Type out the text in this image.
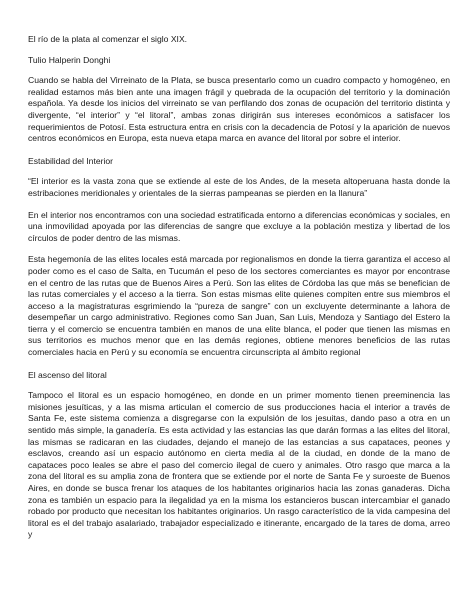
El río de la plata al comenzar el siglo XIX.
Tulio Halperin Donghi
Cuando se habla del Virreinato de la Plata, se busca presentarlo como un cuadro compacto y homogéneo, en realidad estamos más bien ante una imagen frágil y quebrada de la ocupación del territorio y la dominación española. Ya desde los inicios del virreinato se van perfilando dos zonas de ocupación del territorio distinta y divergente, “el interior” y “el litoral”, ambas zonas dirigirán sus intereses económicos a satisfacer los requerimientos de Potosí. Esta estructura entra en crisis con la decadencia de Potosí y la aparición de nuevos centros económicos en Europa, esta nueva etapa marca en avance del litoral por sobre el interior.
Estabilidad del Interior
“El interior es la vasta zona que se extiende al este de los Andes, de la meseta altoperuana hasta donde la estribaciones meridionales y orientales de la sierras pampeanas se pierden en la llanura”
En el interior nos encontramos con una sociedad estratificada entorno a diferencias económicas y sociales, en una inmovilidad apoyada por las diferencias de sangre que excluye a la población mestiza y libertad de los círculos de poder dentro de las mismas.
Esta hegemonía de las elites locales está marcada por regionalismos en donde la tierra garantiza el acceso al poder como es el caso de Salta, en Tucumán el peso de los sectores comerciantes es mayor por encontrase en el centro de las rutas que de Buenos Aires a Perú. Son las elites de Córdoba las que más se benefician de las rutas comerciales y el acceso a la tierra. Son estas mismas elite quienes compiten entre sus miembros el acceso a la magistraturas esgrimiendo la “pureza de sangre” con un excluyente determinante a lahora de desempeñar un cargo administrativo. Regiones como San Juan, San Luis, Mendoza y Santiago del Estero la tierra y el comercio se encuentra también en manos de una elite blanca, el poder que tienen las mismas en sus territorios es muchos menor que en las demás regiones, obtiene menores beneficios de las rutas comerciales hacia en Perú y su economía se encuentra circunscripta al ámbito regional
El ascenso del litoral
Tampoco el litoral es un espacio homogéneo, en donde en un primer momento tienen preeminencia las misiones jesuíticas, y a las misma articulan el comercio de sus producciones hacia el interior a través de Santa Fe, este sistema comienza a disgregarse con la expulsión de los jesuitas, dando paso a otra en un sentido más simple, la ganadería. Es esta actividad y las estancias las que darán formas a las elites del litoral, las mismas se radicaran en las ciudades, dejando el manejo de las estancias a sus capataces, peones y esclavos, creando así un espacio autónomo en cierta media al de la ciudad, en donde de la mano de capataces poco leales se abre el paso del comercio ilegal de cuero y animales. Otro rasgo que marca a la zona del litoral es su amplia zona de frontera que se extiende por el norte de Santa Fe y suroeste de Buenos Aires, en donde se busca frenar los ataques de los habitantes originarios hacia las zonas ganaderas. Dicha zona es también un espacio para la ilegalidad ya en la misma los estancieros buscan intercambiar el ganado robado por producto que necesitan los habitantes originarios. Un rasgo característico de la vida campesina del litoral es el del trabajo asalariado, trabajador especializado e itinerante, encargado de la tares de doma, arreo y
